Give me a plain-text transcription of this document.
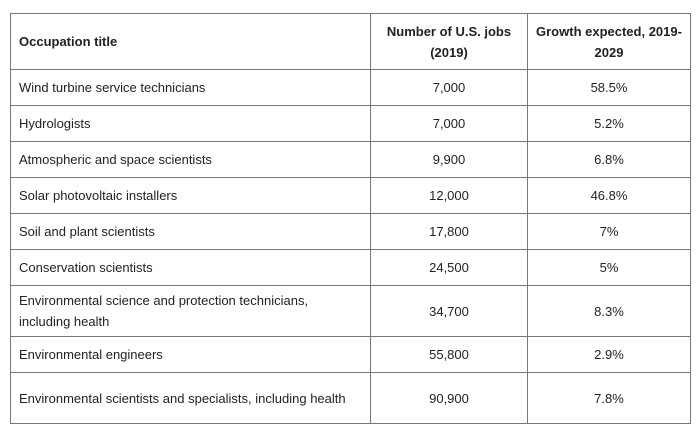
Occupation title	Number of U.S. jobs (2019)	Growth expected, 2019-2029
Wind turbine service technicians	7,000	58.5%
Hydrologists	7,000	5.2%
Atmospheric and space scientists	9,900	6.8%
Solar photovoltaic installers	12,000	46.8%
Soil and plant scientists	17,800	7%
Conservation scientists	24,500	5%
Environmental science and protection technicians, including health	34,700	8.3%
Environmental engineers	55,800	2.9%
Environmental scientists and specialists, including health	90,900	7.8%
